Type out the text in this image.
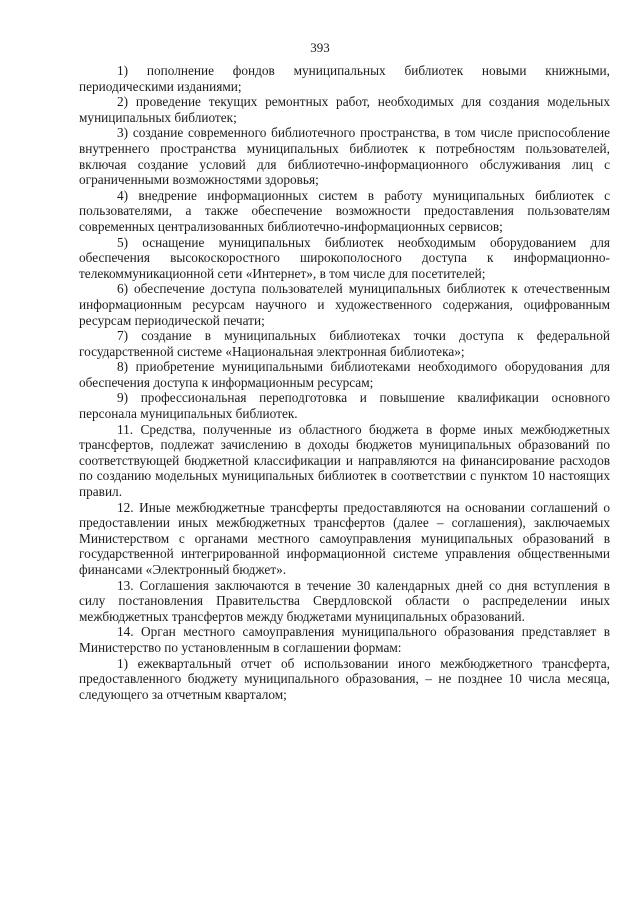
393

1) пополнение фондов муниципальных библиотек новыми книжными, периодическими изданиями;

2) проведение текущих ремонтных работ, необходимых для создания модельных муниципальных библиотек;

3) создание современного библиотечного пространства, в том числе приспособление внутреннего пространства муниципальных библиотек к потребностям пользователей, включая создание условий для библиотечно-информационного обслуживания лиц с ограниченными возможностями здоровья;

4) внедрение информационных систем в работу муниципальных библиотек с пользователями, а также обеспечение возможности предоставления пользователям современных централизованных библиотечно-информационных сервисов;

5) оснащение муниципальных библиотек необходимым оборудованием для обеспечения высокоскоростного широкополосного доступа к информационно-телекоммуникационной сети «Интернет», в том числе для посетителей;

6) обеспечение доступа пользователей муниципальных библиотек к отечественным информационным ресурсам научного и художественного содержания, оцифрованным ресурсам периодической печати;

7) создание в муниципальных библиотеках точки доступа к федеральной государственной системе «Национальная электронная библиотека»;

8) приобретение муниципальными библиотеками необходимого оборудования для обеспечения доступа к информационным ресурсам;

9) профессиональная переподготовка и повышение квалификации основного персонала муниципальных библиотек.

11. Средства, полученные из областного бюджета в форме иных межбюджетных трансфертов, подлежат зачислению в доходы бюджетов муниципальных образований по соответствующей бюджетной классификации и направляются на финансирование расходов по созданию модельных муниципальных библиотек в соответствии с пунктом 10 настоящих правил.

12. Иные межбюджетные трансферты предоставляются на основании соглашений о предоставлении иных межбюджетных трансфертов (далее – соглашения), заключаемых Министерством с органами местного самоуправления муниципальных образований в государственной интегрированной информационной системе управления общественными финансами «Электронный бюджет».

13. Соглашения заключаются в течение 30 календарных дней со дня вступления в силу постановления Правительства Свердловской области о распределении иных межбюджетных трансфертов между бюджетами муниципальных образований.

14. Орган местного самоуправления муниципального образования представляет в Министерство по установленным в соглашении формам:

1) ежеквартальный отчет об использовании иного межбюджетного трансферта, предоставленного бюджету муниципального образования, – не позднее 10 числа месяца, следующего за отчетным кварталом;
